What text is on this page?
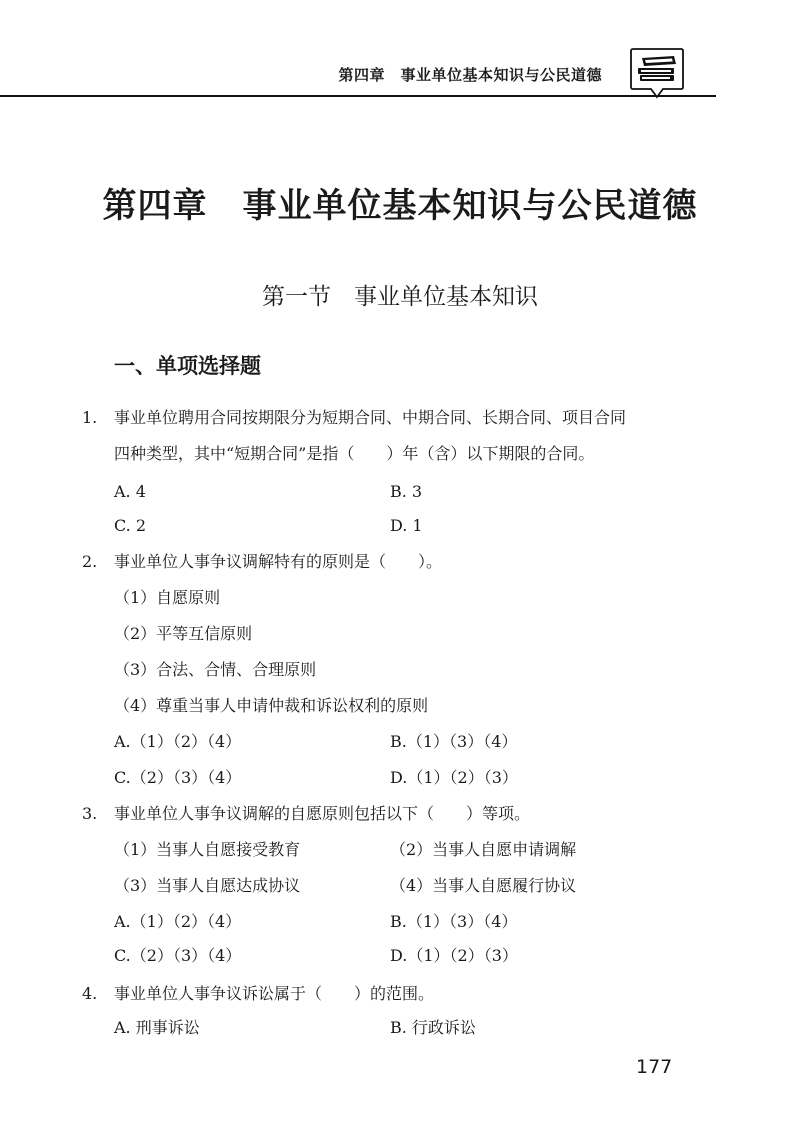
第四章　事业单位基本知识与公民道德
第四章　事业单位基本知识与公民道德
第一节　事业单位基本知识
一、单项选择题
1. 事业单位聘用合同按期限分为短期合同、中期合同、长期合同、项目合同
四种类型，其中“短期合同”是指（　　）年（含）以下期限的合同。
A. 4	B. 3
C. 2	D. 1
2. 事业单位人事争议调解特有的原则是（　　）。
（1）自愿原则
（2）平等互信原则
（3）合法、合情、合理原则
（4）尊重当事人申请仲裁和诉讼权利的原则
A.（1）（2）（4）	B.（1）（3）（4）
C.（2）（3）（4）	D.（1）（2）（3）
3. 事业单位人事争议调解的自愿原则包括以下（　　）等项。
（1）当事人自愿接受教育	（2）当事人自愿申请调解
（3）当事人自愿达成协议	（4）当事人自愿履行协议
A.（1）（2）（4）	B.（1）（3）（4）
C.（2）（3）（4）	D.（1）（2）（3）
4. 事业单位人事争议诉讼属于（　　）的范围。
A. 刑事诉讼	B. 行政诉讼
177
